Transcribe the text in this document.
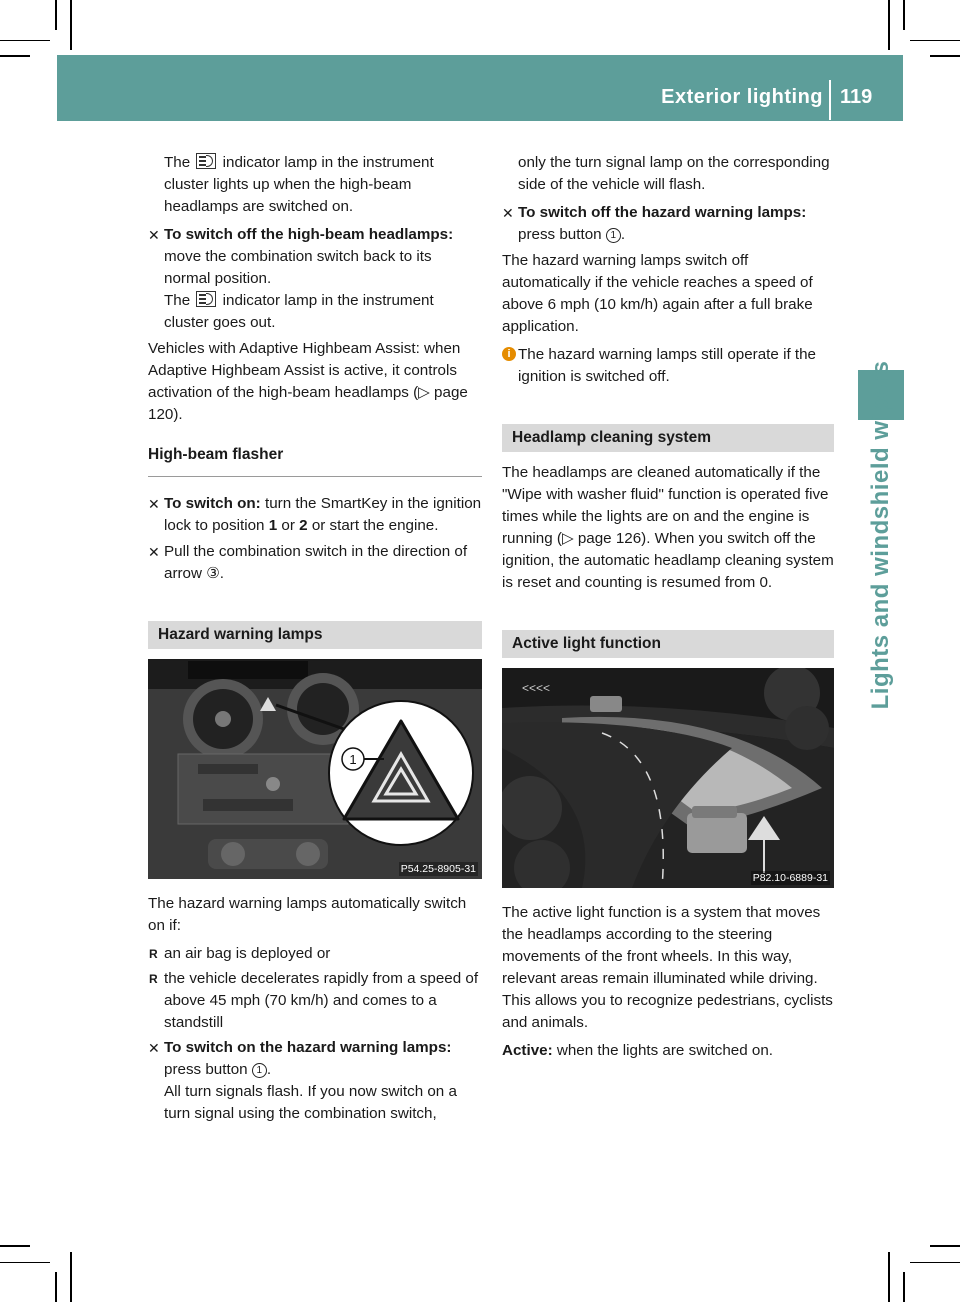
Exterior lighting 119
Lights and windshield wipers

The indicator lamp in the instrument cluster lights up when the high-beam headlamps are switched on.

✕ To switch off the high-beam headlamps: move the combination switch back to its normal position.
The indicator lamp in the instrument cluster goes out.

Vehicles with Adaptive Highbeam Assist: when Adaptive Highbeam Assist is active, it controls activation of the high-beam headlamps (▷ page 120).

High-beam flasher
✕ To switch on: turn the SmartKey in the ignition lock to position 1 or 2 or start the engine.
✕ Pull the combination switch in the direction of arrow ③.
Hazard warning lamps
1
P54.25-8905-31

The hazard warning lamps automatically switch on if:

R an air bag is deployed or
R the vehicle decelerates rapidly from a speed of above 45 mph (70 km/h) and comes to a standstill
✕ To switch on the hazard warning lamps:
press button 1 .
All turn signals flash. If you now switch on a turn signal using the combination switch,

only the turn signal lamp on the corresponding side of the vehicle will flash.

✕ To switch off the hazard warning lamps:
press button 1 .

The hazard warning lamps switch off automatically if the vehicle reaches a speed of above 6 mph (10 km/h) again after a full brake application.

i The hazard warning lamps still operate if the ignition is switched off.
Headlamp cleaning system

The headlamps are cleaned automatically if the "Wipe with washer fluid" function is operated five times while the lights are on and the engine is running (▷ page 126). When you switch off the ignition, the automatic headlamp cleaning system is reset and counting is resumed from 0.

Active light function
<<<<
P82.10-6889-31

The active light function is a system that moves the headlamps according to the steering movements of the front wheels. In this way, relevant areas remain illuminated while driving. This allows you to recognize pedestrians, cyclists and animals.

Active: when the lights are switched on.
